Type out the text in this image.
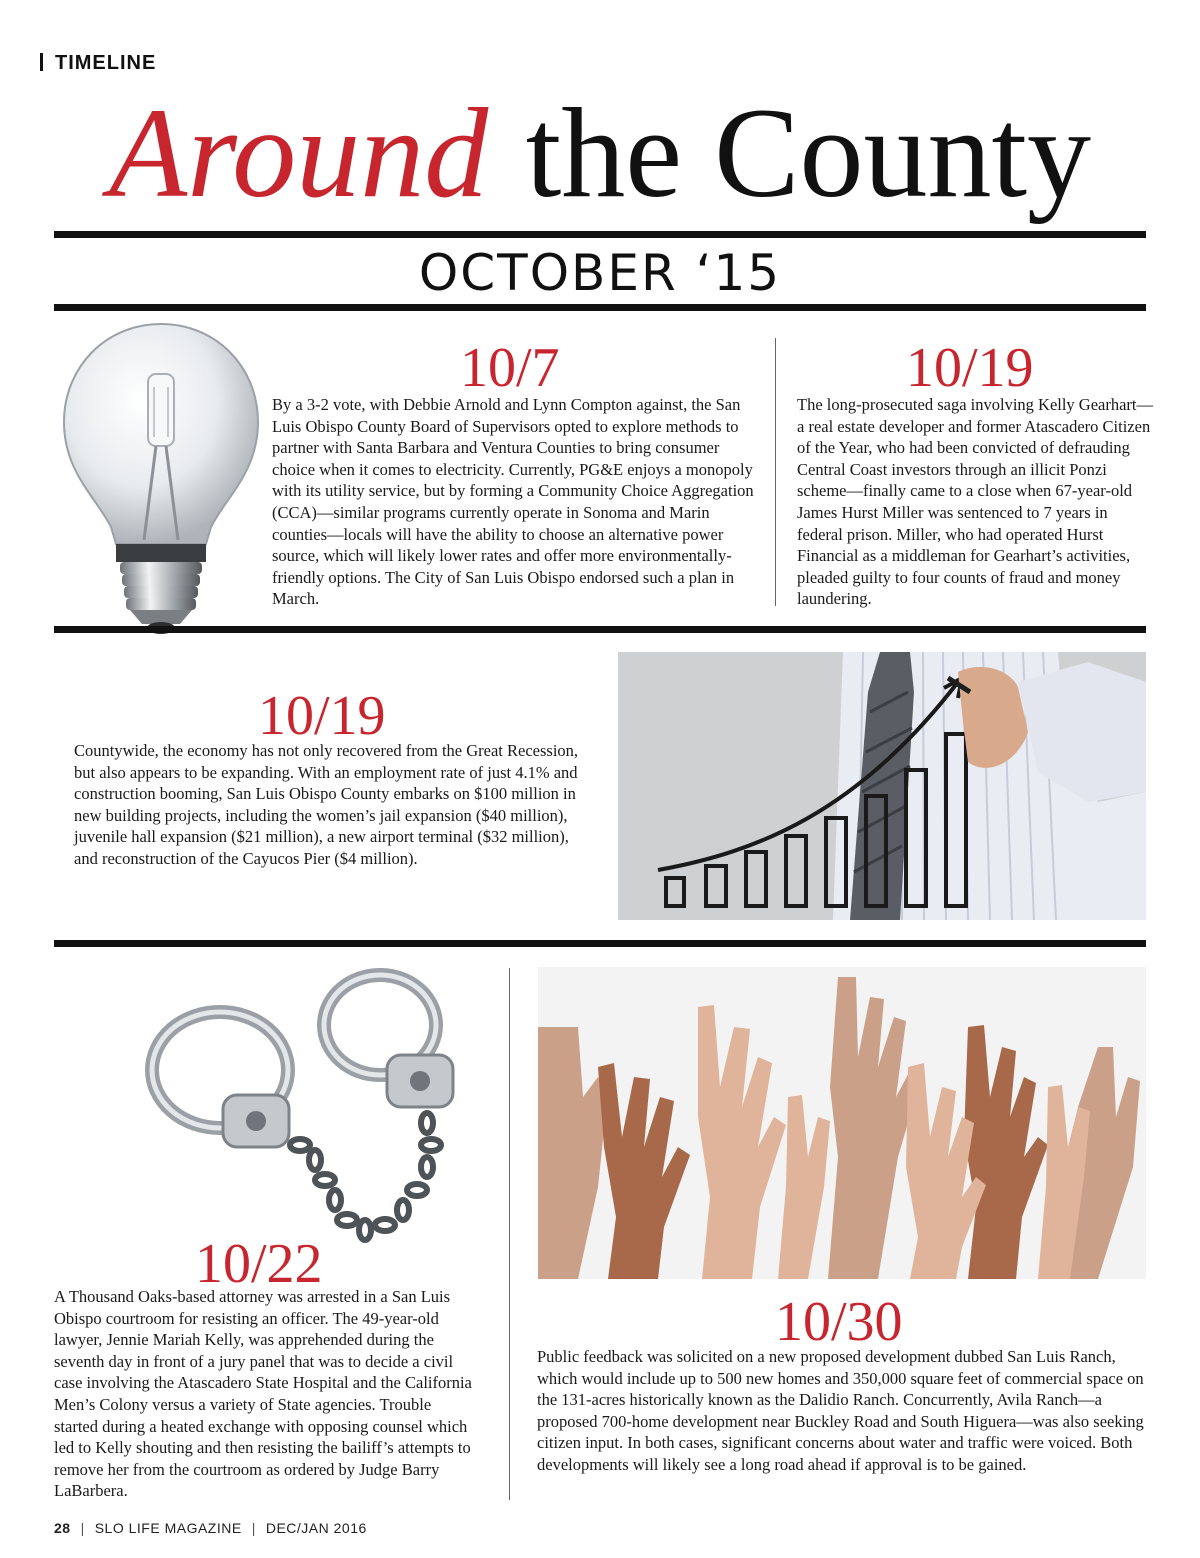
TIMELINE
Around the County
OCTOBER ‘15
10/7
By a 3-2 vote, with Debbie Arnold and Lynn Compton against, the San Luis Obispo County Board of Supervisors opted to explore methods to partner with Santa Barbara and Ventura Counties to bring consumer choice when it comes to electricity. Currently, PG&E enjoys a monopoly with its utility service, but by forming a Community Choice Aggregation (CCA)—similar programs currently operate in Sonoma and Marin counties—locals will have the ability to choose an alternative power source, which will likely lower rates and offer more environmentally-friendly options. The City of San Luis Obispo endorsed such a plan in March.
10/19
The long-prosecuted saga involving Kelly Gearhart—a real estate developer and former Atascadero Citizen of the Year, who had been convicted of defrauding Central Coast investors through an illicit Ponzi scheme—finally came to a close when 67-year-old James Hurst Miller was sentenced to 7 years in federal prison. Miller, who had operated Hurst Financial as a middleman for Gearhart’s activities, pleaded guilty to four counts of fraud and money laundering.
10/19
Countywide, the economy has not only recovered from the Great Recession, but also appears to be expanding. With an employment rate of just 4.1% and construction booming, San Luis Obispo County embarks on $100 million in new building projects, including the women’s jail expansion ($40 million), juvenile hall expansion ($21 million), a new airport terminal ($32 million), and reconstruction of the Cayucos Pier ($4 million).
10/22
A Thousand Oaks-based attorney was arrested in a San Luis Obispo courtroom for resisting an officer. The 49-year-old lawyer, Jennie Mariah Kelly, was apprehended during the seventh day in front of a jury panel that was to decide a civil case involving the Atascadero State Hospital and the California Men’s Colony versus a variety of State agencies. Trouble started during a heated exchange with opposing counsel which led to Kelly shouting and then resisting the bailiff’s attempts to remove her from the courtroom as ordered by Judge Barry LaBarbera.
10/30
Public feedback was solicited on a new proposed development dubbed San Luis Ranch, which would include up to 500 new homes and 350,000 square feet of commercial space on the 131-acres historically known as the Dalidio Ranch. Concurrently, Avila Ranch—a proposed 700-home development near Buckley Road and South Higuera—was also seeking citizen input. In both cases, significant concerns about water and traffic were voiced. Both developments will likely see a long road ahead if approval is to be gained.
28 | SLO LIFE MAGAZINE | DEC/JAN 2016
